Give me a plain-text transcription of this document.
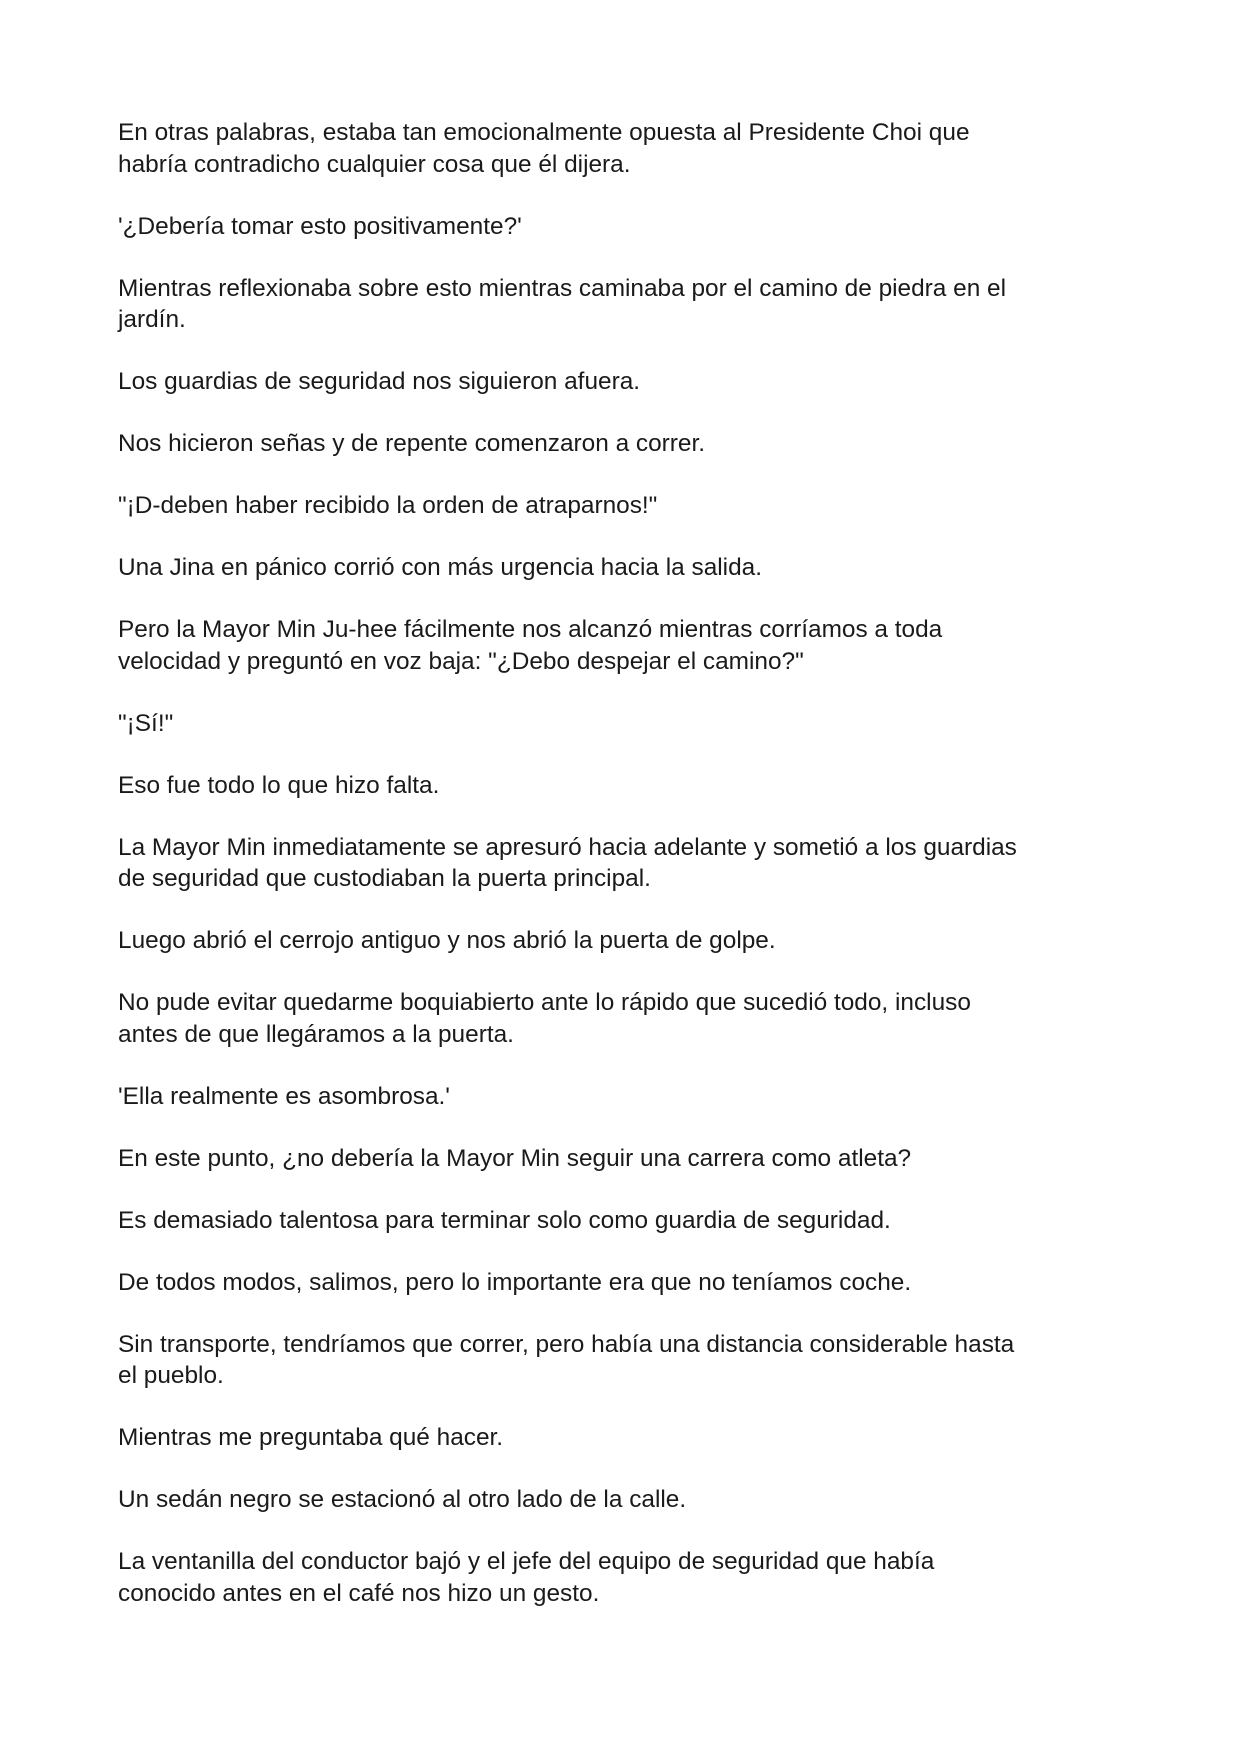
En otras palabras, estaba tan emocionalmente opuesta al Presidente Choi que
habría contradicho cualquier cosa que él dijera.

'¿Debería tomar esto positivamente?'

Mientras reflexionaba sobre esto mientras caminaba por el camino de piedra en el
jardín.

Los guardias de seguridad nos siguieron afuera.

Nos hicieron señas y de repente comenzaron a correr.

"¡D-deben haber recibido la orden de atraparnos!"

Una Jina en pánico corrió con más urgencia hacia la salida.

Pero la Mayor Min Ju-hee fácilmente nos alcanzó mientras corríamos a toda
velocidad y preguntó en voz baja: "¿Debo despejar el camino?"

"¡Sí!"

Eso fue todo lo que hizo falta.

La Mayor Min inmediatamente se apresuró hacia adelante y sometió a los guardias
de seguridad que custodiaban la puerta principal.

Luego abrió el cerrojo antiguo y nos abrió la puerta de golpe.

No pude evitar quedarme boquiabierto ante lo rápido que sucedió todo, incluso
antes de que llegáramos a la puerta.

'Ella realmente es asombrosa.'

En este punto, ¿no debería la Mayor Min seguir una carrera como atleta?

Es demasiado talentosa para terminar solo como guardia de seguridad.

De todos modos, salimos, pero lo importante era que no teníamos coche.

Sin transporte, tendríamos que correr, pero había una distancia considerable hasta
el pueblo.

Mientras me preguntaba qué hacer.

Un sedán negro se estacionó al otro lado de la calle.

La ventanilla del conductor bajó y el jefe del equipo de seguridad que había
conocido antes en el café nos hizo un gesto.
